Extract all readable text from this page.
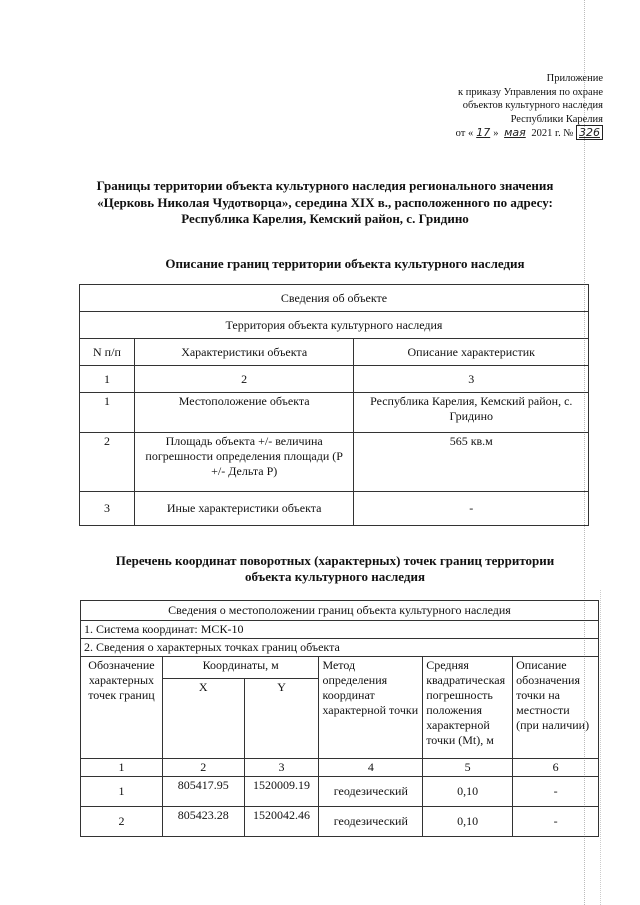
Приложение
к приказу Управления по охране
объектов культурного наследия
Республики Карелия
от « 17 » мая 2021 г. № 326
Границы территории объекта культурного наследия регионального значения
«Церковь Николая Чудотворца», середина XIX в., расположенного по адресу:
Республика Карелия, Кемский район, с. Гридино
Описание границ территории объекта культурного наследия
Сведения об объекте		
Территория объекта культурного наследия		
N п/п	Характеристики объекта	Описание характеристик
1	2	3
1	Местоположение объекта	Республика Карелия, Кемский район, с. Гридино
2	Площадь объекта +/- величина погрешности определения площади (P +/- Дельта P)	565 кв.м
3	Иные характеристики объекта	-
Перечень координат поворотных (характерных) точек границ территории
объекта культурного наследия
Сведения о местоположении границ объекта культурного наследия					
1. Система координат: МСК-10					
2. Сведения о характерных точках границ объекта					
Обозначение характерных точек границ	Координаты, м		Метод определения координат характерной точки	Средняя квадратическая погрешность положения характерной точки (Mt), м	Описание обозначения точки на местности (при наличии)
	X	Y			
1	2	3	4	5	6
1	805417.95	1520009.19	геодезический	0,10	-
2	805423.28	1520042.46	геодезический	0,10	-
